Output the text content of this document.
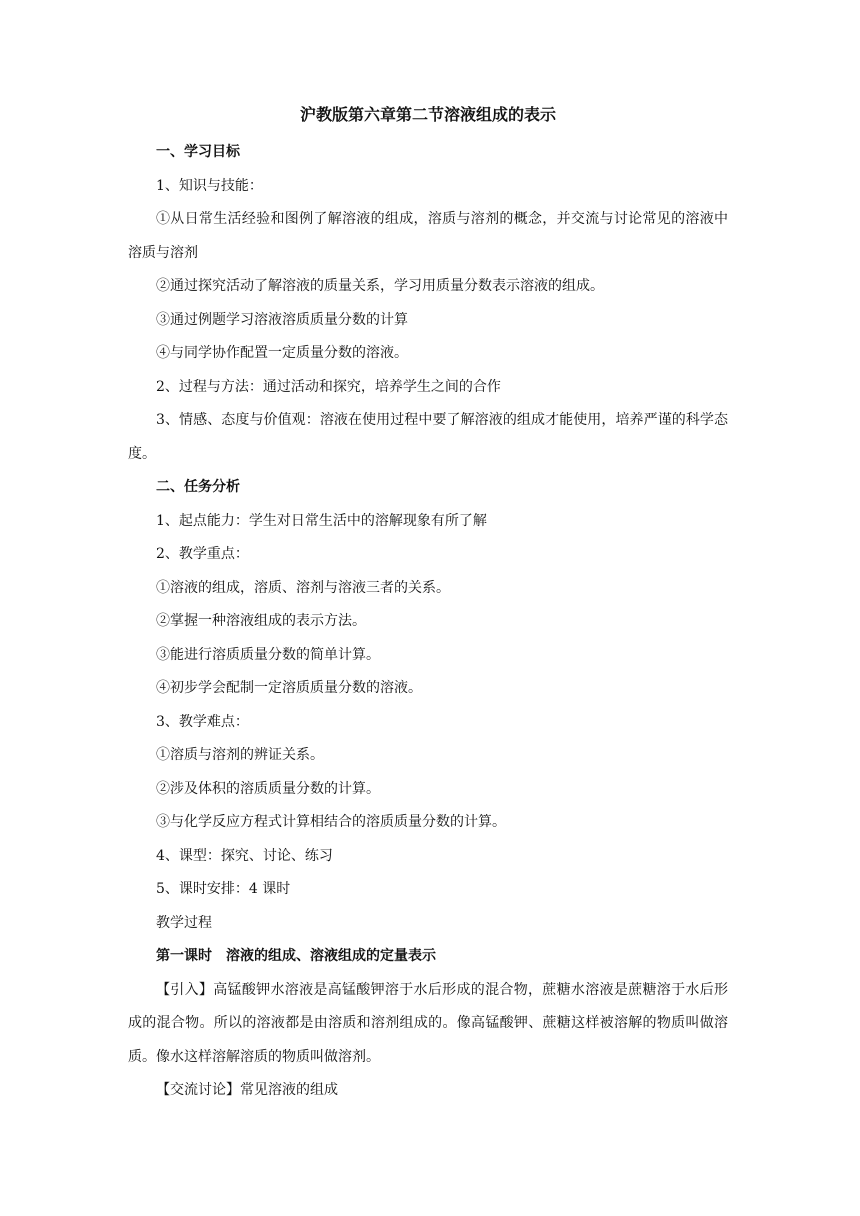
沪教版第六章第二节溶液组成的表示

一、学习目标

1、知识与技能：

①从日常生活经验和图例了解溶液的组成，溶质与溶剂的概念，并交流与讨论常见的溶液中溶质与溶剂

②通过探究活动了解溶液的质量关系，学习用质量分数表示溶液的组成。

③通过例题学习溶液溶质质量分数的计算

④与同学协作配置一定质量分数的溶液。

2、过程与方法：通过活动和探究，培养学生之间的合作

3、情感、态度与价值观：溶液在使用过程中要了解溶液的组成才能使用，培养严谨的科学态度。

二、任务分析

1、起点能力：学生对日常生活中的溶解现象有所了解

2、教学重点：

①溶液的组成，溶质、溶剂与溶液三者的关系。

②掌握一种溶液组成的表示方法。

③能进行溶质质量分数的简单计算。

④初步学会配制一定溶质质量分数的溶液。

3、教学难点：

①溶质与溶剂的辨证关系。

②涉及体积的溶质质量分数的计算。

③与化学反应方程式计算相结合的溶质质量分数的计算。

4、课型：探究、讨论、练习

5、课时安排：4 课时

教学过程

第一课时　溶液的组成、溶液组成的定量表示

【引入】高锰酸钾水溶液是高锰酸钾溶于水后形成的混合物，蔗糖水溶液是蔗糖溶于水后形成的混合物。所以的溶液都是由溶质和溶剂组成的。像高锰酸钾、蔗糖这样被溶解的物质叫做溶质。像水这样溶解溶质的物质叫做溶剂。

【交流讨论】常见溶液的组成
